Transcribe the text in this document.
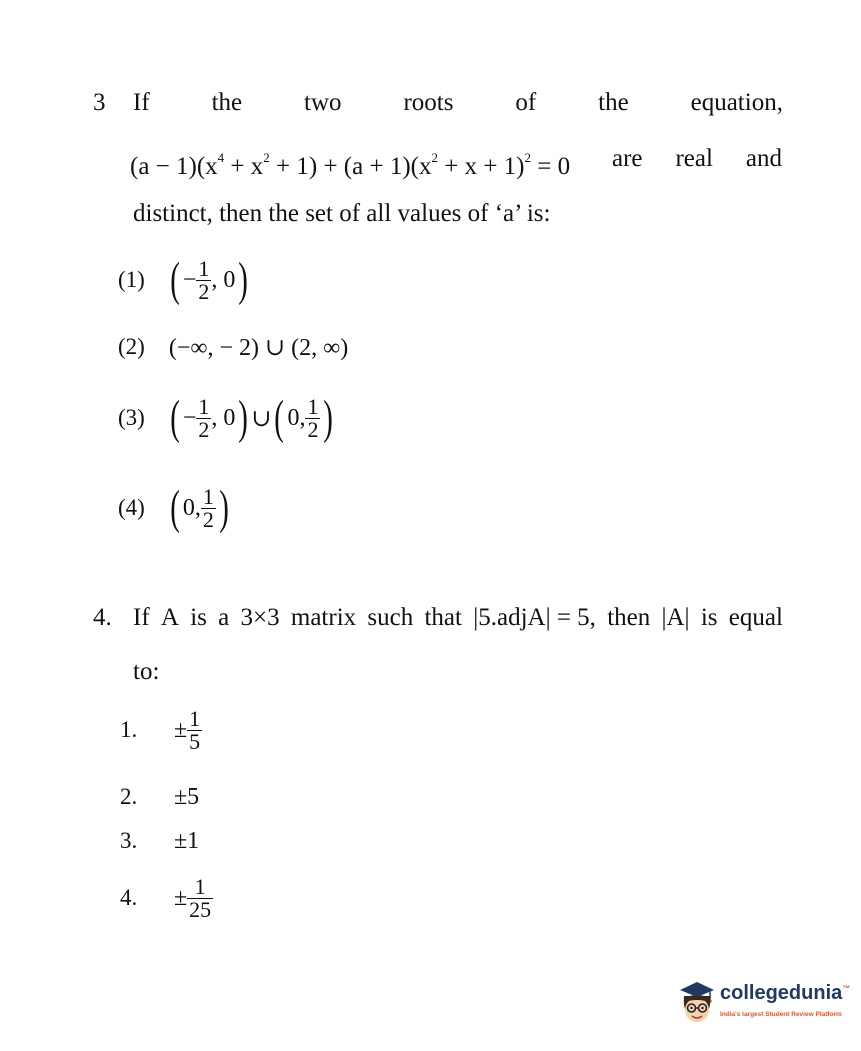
3 If the two roots of the equation,
$(a - 1)(x^4 + x^2 + 1) + (a + 1)(x^2 + x + 1)^2 = 0$ are real and
distinct, then the set of all values of ‘a’ is:
(1) ( − $\frac{1}{2}$ , 0 )
(2) (−∞, − 2) ∪ (2, ∞)
(3) ( − $\frac{1}{2}$ , 0 ) ∪ ( 0, $\frac{1}{2}$ )
(4) ( 0, $\frac{1}{2}$ )
4. If A is a 3×3 matrix such that |5.adjA| = 5, then |A| is equal
to:
1.	± $\frac{1}{5}$
2.	±5
3.	±1
4.	± $\frac{1}{25}$
collegedunia™
India's largest Student Review Platform
